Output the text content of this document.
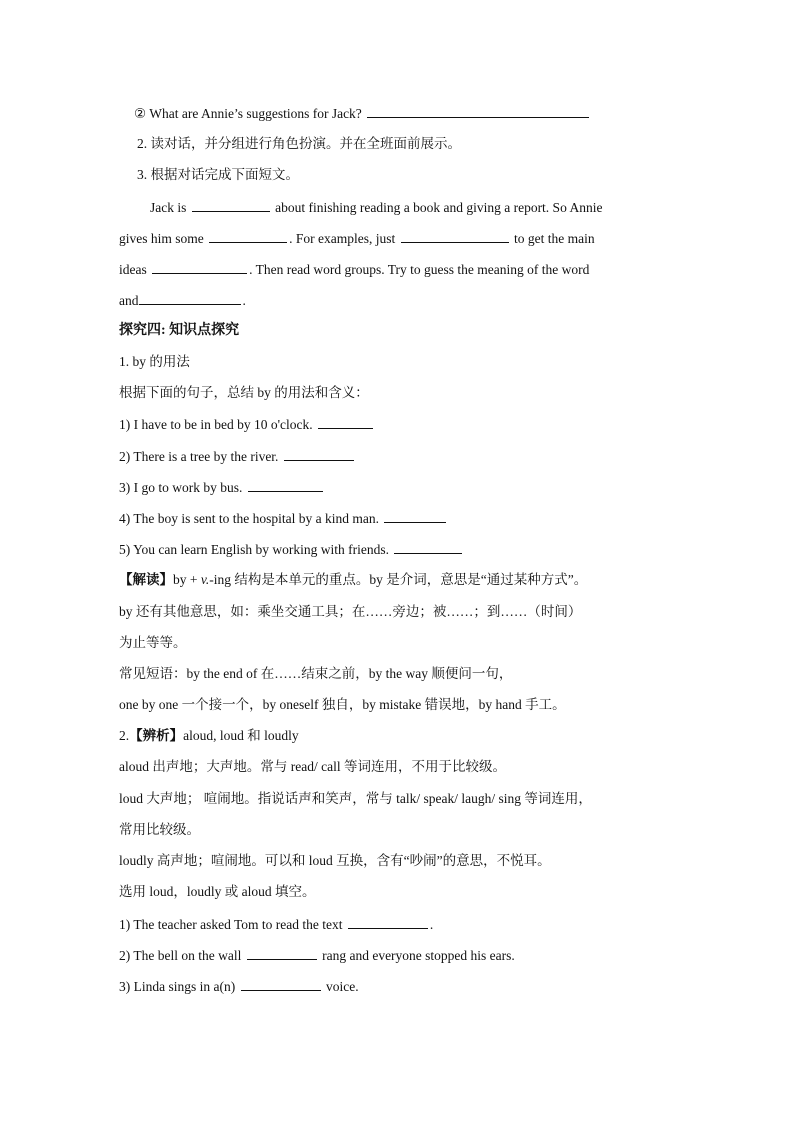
② What are Annie’s suggestions for Jack?
2. 读对话，并分组进行角色扮演。并在全班面前展示。
3. 根据对话完成下面短文。
Jack is	about finishing reading a book and giving a report. So Annie
gives him some	. For examples, just	to get the main
ideas	. Then read word groups. Try to guess the meaning of the word
and	.
探究四: 知识点探究
1. by 的用法
根据下面的句子，总结 by 的用法和含义：
1) I have to be in bed by 10 o'clock.
2) There is a tree by the river.
3) I go to work by bus.
4) The boy is sent to the hospital by a kind man.
5) You can learn English by working with friends.
【解读】by + v.-ing 结构是本单元的重点。by 是介词，意思是“通过某种方式”。
by 还有其他意思，如：乘坐交通工具；在……旁边；被……；到……（时间）
为止等等。
常见短语：by the end of 在……结束之前，by the way 顺便问一句，
one by one 一个接一个，by oneself 独自，by mistake 错误地，by hand 手工。
2.【辨析】aloud, loud 和 loudly
aloud 出声地；大声地。常与 read/ call 等词连用，不用于比较级。
loud 大声地； 喧闹地。指说话声和笑声，常与 talk/ speak/ laugh/ sing 等词连用，
常用比较级。
loudly 高声地；喧闹地。可以和 loud 互换，含有“吵闹”的意思，不悦耳。
选用 loud，loudly 或 aloud 填空。
1) The teacher asked Tom to read the text	.
2) The bell on the wall	rang and everyone stopped his ears.
3) Linda sings in a(n)	voice.
